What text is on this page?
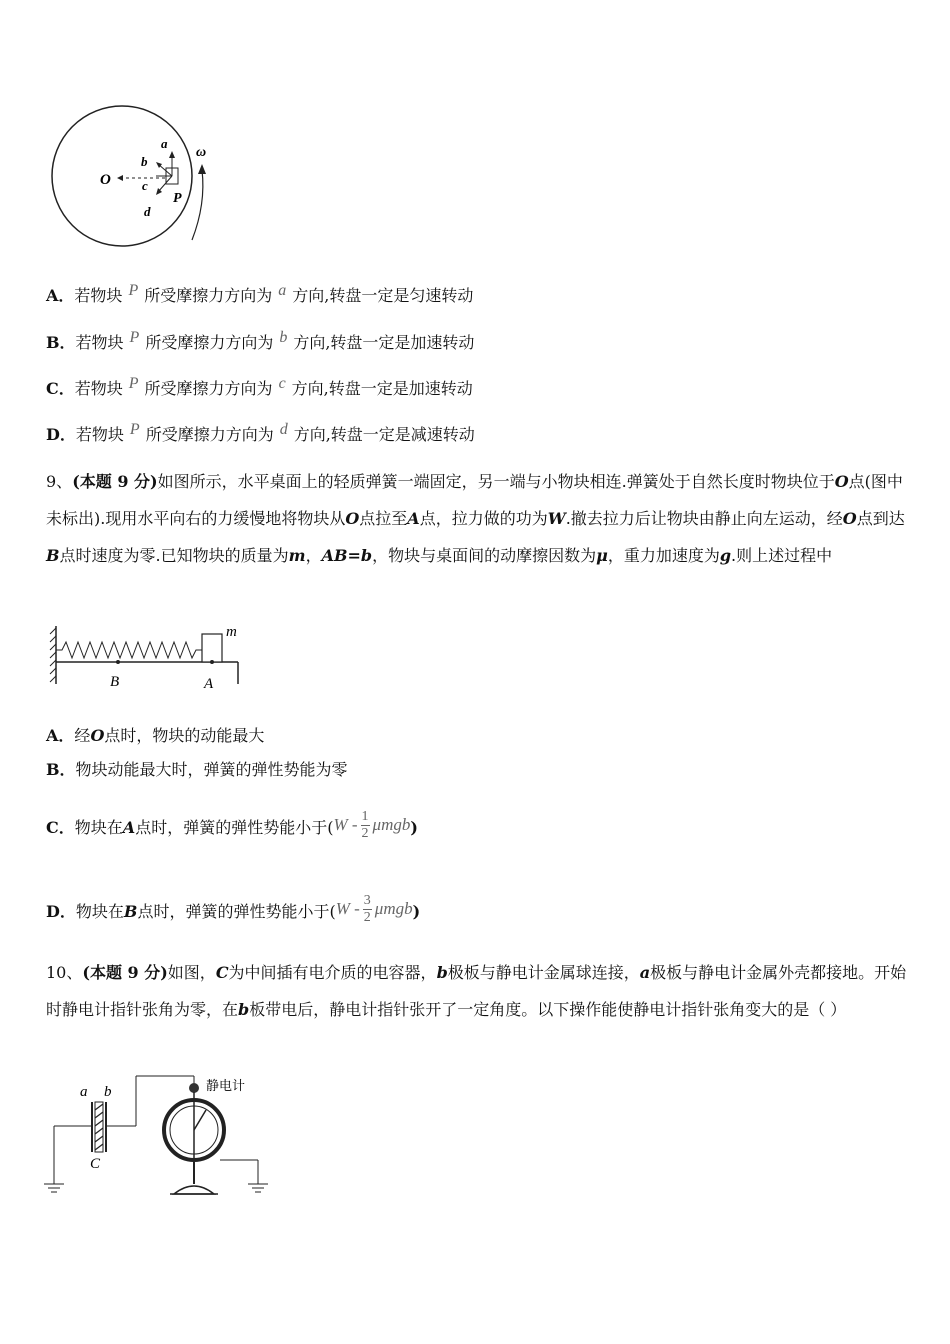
O
a
b
c
d
P
ω
A．若物块 P 所受摩擦力方向为 a 方向,转盘一定是匀速转动
B．若物块 P 所受摩擦力方向为 b 方向,转盘一定是加速转动
C．若物块 P 所受摩擦力方向为 c 方向,转盘一定是加速转动
D．若物块 P 所受摩擦力方向为 d 方向,转盘一定是减速转动
9、(本题 9 分)如图所示，水平桌面上的轻质弹簧一端固定，另一端与小物块相连.弹簧处于自然长度时物块位于O点(图中未标出).现用水平向右的力缓慢地将物块从O点拉至A点，拉力做的功为W.撤去拉力后让物块由静止向左运动，经O点到达B点时速度为零.已知物块的质量为m，AB=b，物块与桌面间的动摩擦因数为μ，重力加速度为g.则上述过程中
m
B	A
A．经O点时，物块的动能最大
B．物块动能最大时，弹簧的弹性势能为零
C．物块在A点时，弹簧的弹性势能小于$(W - \frac{1}{2} \mu mgb)$
D．物块在B点时，弹簧的弹性势能小于$(W - \frac{3}{2} \mu mgb)$
10、(本题 9 分)如图，C为中间插有电介质的电容器，b极板与静电计金属球连接，a极板与静电计金属外壳都接地。开始时静电计指针张角为零，在b板带电后，静电计指针张开了一定角度。以下操作能使静电计指针张角变大的是（ ）
a b
C
静电计
